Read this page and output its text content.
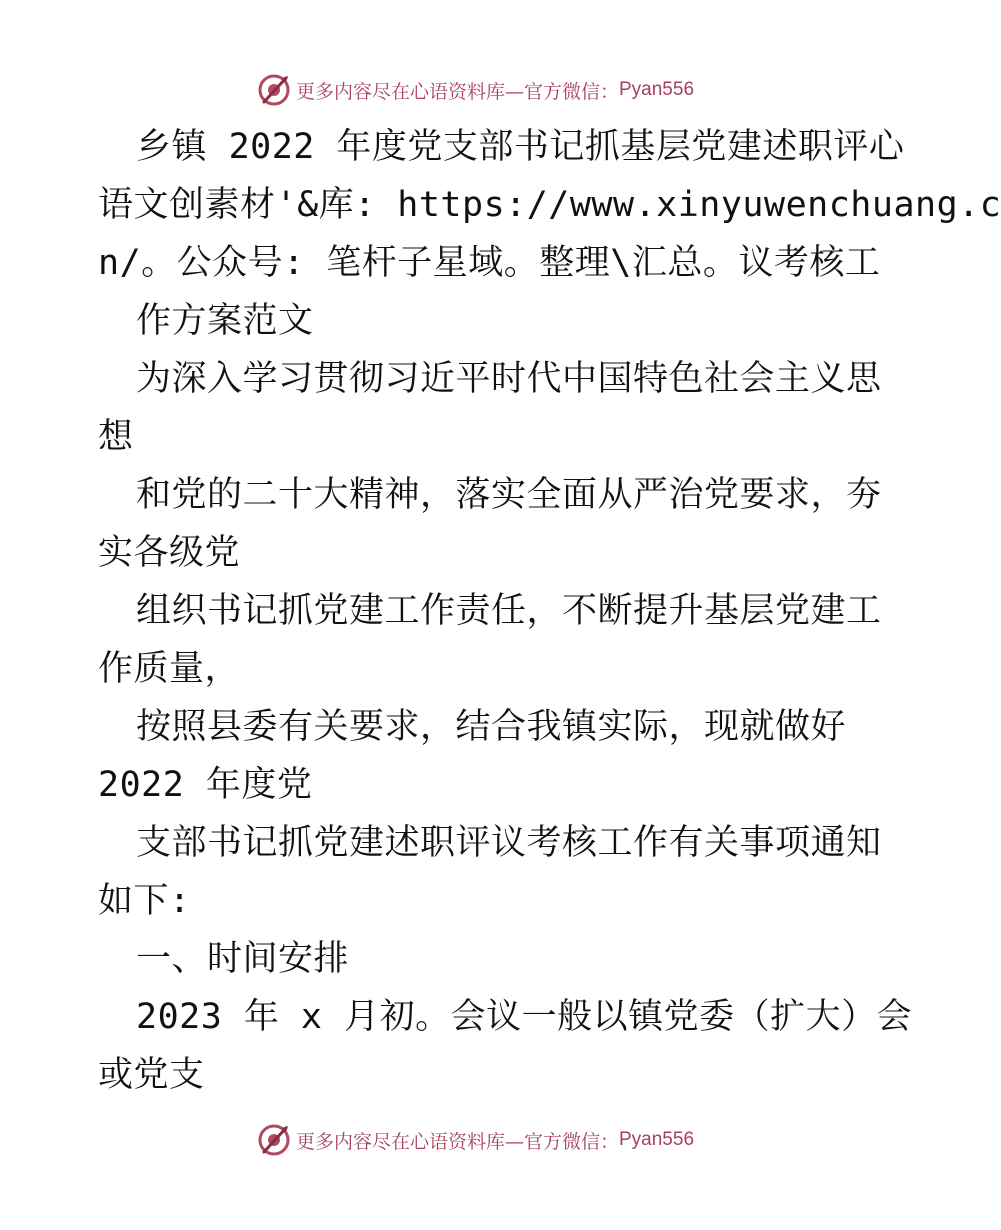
更多内容尽在心语资料库—官方微信： Pyan556
乡镇 2022 年度党支部书记抓基层党建述职评心
语文创素材'&库: https://www.xinyuwenchuang.c
n/。公众号: 笔杆子星域。整理\汇总。议考核工
作方案范文
为深入学习贯彻习近平时代中国特色社会主义思
想
和党的二十大精神，落实全面从严治党要求，夯
实各级党
组织书记抓党建工作责任，不断提升基层党建工
作质量，
按照县委有关要求，结合我镇实际，现就做好
2022 年度党
支部书记抓党建述职评议考核工作有关事项通知
如下:
一、时间安排
2023 年 x 月初。会议一般以镇党委（扩大）会
或党支
更多内容尽在心语资料库—官方微信： Pyan556
